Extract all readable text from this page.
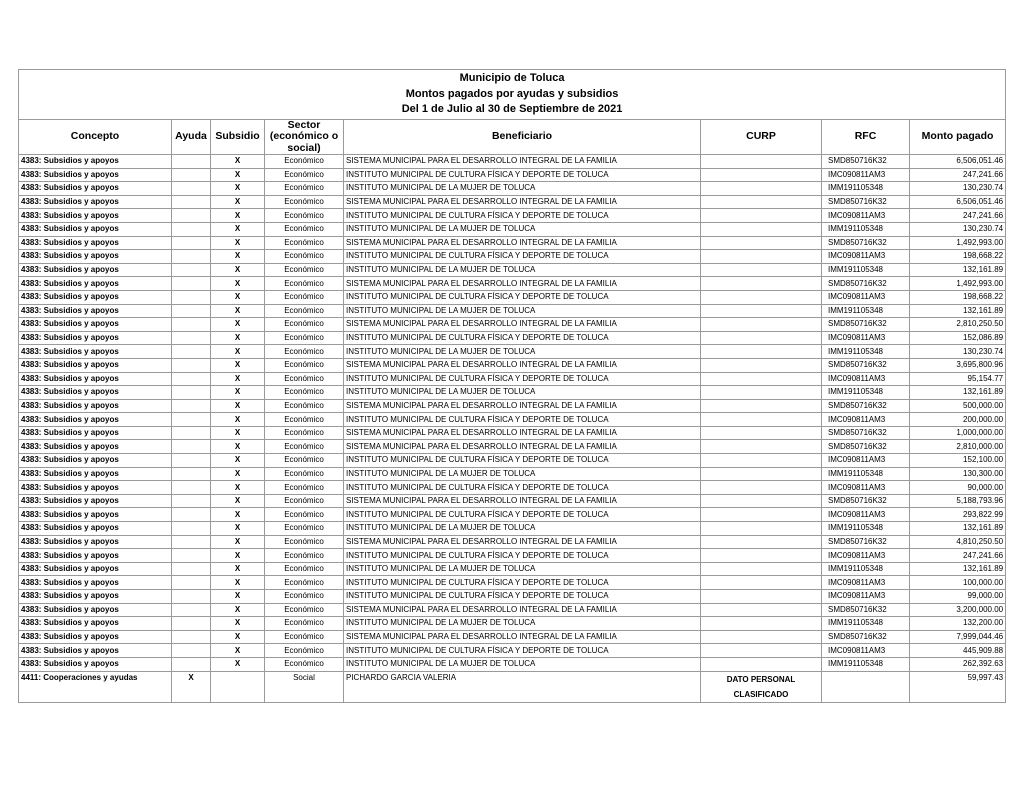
Municipio de Toluca
Montos pagados por ayudas y subsidios
Del 1 de Julio al 30 de Septiembre de 2021							

Concepto	Ayuda	Subsidio	Sector (económico o social)	Beneficiario	CURP	RFC	Monto pagado
4383: Subsidios y apoyos		X	Económico	SISTEMA MUNICIPAL PARA EL DESARROLLO INTEGRAL DE LA FAMILIA		SMD850716K32	6,506,051.46
4383: Subsidios y apoyos		X	Económico	INSTITUTO MUNICIPAL DE CULTURA FÍSICA Y DEPORTE DE TOLUCA		IMC090811AM3	247,241.66
4383: Subsidios y apoyos		X	Económico	INSTITUTO MUNICIPAL DE LA MUJER DE TOLUCA		IMM191105348	130,230.74
4383: Subsidios y apoyos		X	Económico	SISTEMA MUNICIPAL PARA EL DESARROLLO INTEGRAL DE LA FAMILIA		SMD850716K32	6,506,051.46
4383: Subsidios y apoyos		X	Económico	INSTITUTO MUNICIPAL DE CULTURA FÍSICA Y DEPORTE DE TOLUCA		IMC090811AM3	247,241.66
4383: Subsidios y apoyos		X	Económico	INSTITUTO MUNICIPAL DE LA MUJER DE TOLUCA		IMM191105348	130,230.74
4383: Subsidios y apoyos		X	Económico	SISTEMA MUNICIPAL PARA EL DESARROLLO INTEGRAL DE LA FAMILIA		SMD850716K32	1,492,993.00
4383: Subsidios y apoyos		X	Económico	INSTITUTO MUNICIPAL DE CULTURA FÍSICA Y DEPORTE DE TOLUCA		IMC090811AM3	198,668.22
4383: Subsidios y apoyos		X	Económico	INSTITUTO MUNICIPAL DE LA MUJER DE TOLUCA		IMM191105348	132,161.89
4383: Subsidios y apoyos		X	Económico	SISTEMA MUNICIPAL PARA EL DESARROLLO INTEGRAL DE LA FAMILIA		SMD850716K32	1,492,993.00
4383: Subsidios y apoyos		X	Económico	INSTITUTO MUNICIPAL DE CULTURA FÍSICA Y DEPORTE DE TOLUCA		IMC090811AM3	198,668.22
4383: Subsidios y apoyos		X	Económico	INSTITUTO MUNICIPAL DE LA MUJER DE TOLUCA		IMM191105348	132,161.89
4383: Subsidios y apoyos		X	Económico	SISTEMA MUNICIPAL PARA EL DESARROLLO INTEGRAL DE LA FAMILIA		SMD850716K32	2,810,250.50
4383: Subsidios y apoyos		X	Económico	INSTITUTO MUNICIPAL DE CULTURA FÍSICA Y DEPORTE DE TOLUCA		IMC090811AM3	152,086.89
4383: Subsidios y apoyos		X	Económico	INSTITUTO MUNICIPAL DE LA MUJER DE TOLUCA		IMM191105348	130,230.74
4383: Subsidios y apoyos		X	Económico	SISTEMA MUNICIPAL PARA EL DESARROLLO INTEGRAL DE LA FAMILIA		SMD850716K32	3,695,800.96
4383: Subsidios y apoyos		X	Económico	INSTITUTO MUNICIPAL DE CULTURA FÍSICA Y DEPORTE DE TOLUCA		IMC090811AM3	95,154.77
4383: Subsidios y apoyos		X	Económico	INSTITUTO MUNICIPAL DE LA MUJER DE TOLUCA		IMM191105348	132,161.89
4383: Subsidios y apoyos		X	Económico	SISTEMA MUNICIPAL PARA EL DESARROLLO INTEGRAL DE LA FAMILIA		SMD850716K32	500,000.00
4383: Subsidios y apoyos		X	Económico	INSTITUTO MUNICIPAL DE CULTURA FÍSICA Y DEPORTE DE TOLUCA		IMC090811AM3	200,000.00
4383: Subsidios y apoyos		X	Económico	SISTEMA MUNICIPAL PARA EL DESARROLLO INTEGRAL DE LA FAMILIA		SMD850716K32	1,000,000.00
4383: Subsidios y apoyos		X	Económico	SISTEMA MUNICIPAL PARA EL DESARROLLO INTEGRAL DE LA FAMILIA		SMD850716K32	2,810,000.00
4383: Subsidios y apoyos		X	Económico	INSTITUTO MUNICIPAL DE CULTURA FÍSICA Y DEPORTE DE TOLUCA		IMC090811AM3	152,100.00
4383: Subsidios y apoyos		X	Económico	INSTITUTO MUNICIPAL DE LA MUJER DE TOLUCA		IMM191105348	130,300.00
4383: Subsidios y apoyos		X	Económico	INSTITUTO MUNICIPAL DE CULTURA FÍSICA Y DEPORTE DE TOLUCA		IMC090811AM3	90,000.00
4383: Subsidios y apoyos		X	Económico	SISTEMA MUNICIPAL PARA EL DESARROLLO INTEGRAL DE LA FAMILIA		SMD850716K32	5,188,793.96
4383: Subsidios y apoyos		X	Económico	INSTITUTO MUNICIPAL DE CULTURA FÍSICA Y DEPORTE DE TOLUCA		IMC090811AM3	293,822.99
4383: Subsidios y apoyos		X	Económico	INSTITUTO MUNICIPAL DE LA MUJER DE TOLUCA		IMM191105348	132,161.89
4383: Subsidios y apoyos		X	Económico	SISTEMA MUNICIPAL PARA EL DESARROLLO INTEGRAL DE LA FAMILIA		SMD850716K32	4,810,250.50
4383: Subsidios y apoyos		X	Económico	INSTITUTO MUNICIPAL DE CULTURA FÍSICA Y DEPORTE DE TOLUCA		IMC090811AM3	247,241.66
4383: Subsidios y apoyos		X	Económico	INSTITUTO MUNICIPAL DE LA MUJER DE TOLUCA		IMM191105348	132,161.89
4383: Subsidios y apoyos		X	Económico	INSTITUTO MUNICIPAL DE CULTURA FÍSICA Y DEPORTE DE TOLUCA		IMC090811AM3	100,000.00
4383: Subsidios y apoyos		X	Económico	INSTITUTO MUNICIPAL DE CULTURA FÍSICA Y DEPORTE DE TOLUCA		IMC090811AM3	99,000.00
4383: Subsidios y apoyos		X	Económico	SISTEMA MUNICIPAL PARA EL DESARROLLO INTEGRAL DE LA FAMILIA		SMD850716K32	3,200,000.00
4383: Subsidios y apoyos		X	Económico	INSTITUTO MUNICIPAL DE LA MUJER DE TOLUCA		IMM191105348	132,200.00
4383: Subsidios y apoyos		X	Económico	SISTEMA MUNICIPAL PARA EL DESARROLLO INTEGRAL DE LA FAMILIA		SMD850716K32	7,999,044.46
4383: Subsidios y apoyos		X	Económico	INSTITUTO MUNICIPAL DE CULTURA FÍSICA Y DEPORTE DE TOLUCA		IMC090811AM3	445,909.88
4383: Subsidios y apoyos		X	Económico	INSTITUTO MUNICIPAL DE LA MUJER DE TOLUCA		IMM191105348	262,392.63
4411: Cooperaciones y ayudas	X		Social	PICHARDO GARCIA VALERIA	DATO PERSONAL CLASIFICADO		59,997.43
